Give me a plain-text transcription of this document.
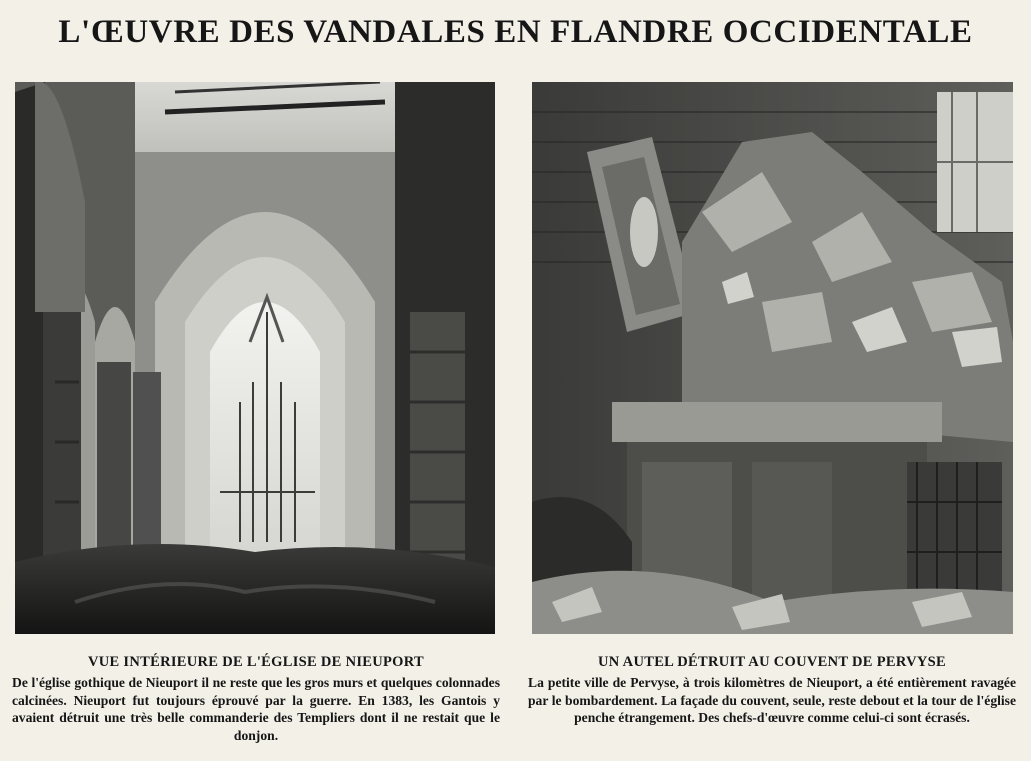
L'ŒUVRE DES VANDALES EN FLANDRE OCCIDENTALE
VUE INTÉRIEURE DE L'ÉGLISE DE NIEUPORT

De l'église gothique de Nieuport il ne reste que les gros murs et quelques colonnades calcinées. Nieuport fut toujours éprouvé par la guerre. En 1383, les Gantois y avaient détruit une très belle commanderie des Templiers dont il ne restait que le donjon.

UN AUTEL DÉTRUIT AU COUVENT DE PERVYSE

La petite ville de Pervyse, à trois kilomètres de Nieuport, a été entièrement ravagée par le bombardement. La façade du couvent, seule, reste debout et la tour de l'église penche étrangement. Des chefs-d'œuvre comme celui-ci sont écrasés.
